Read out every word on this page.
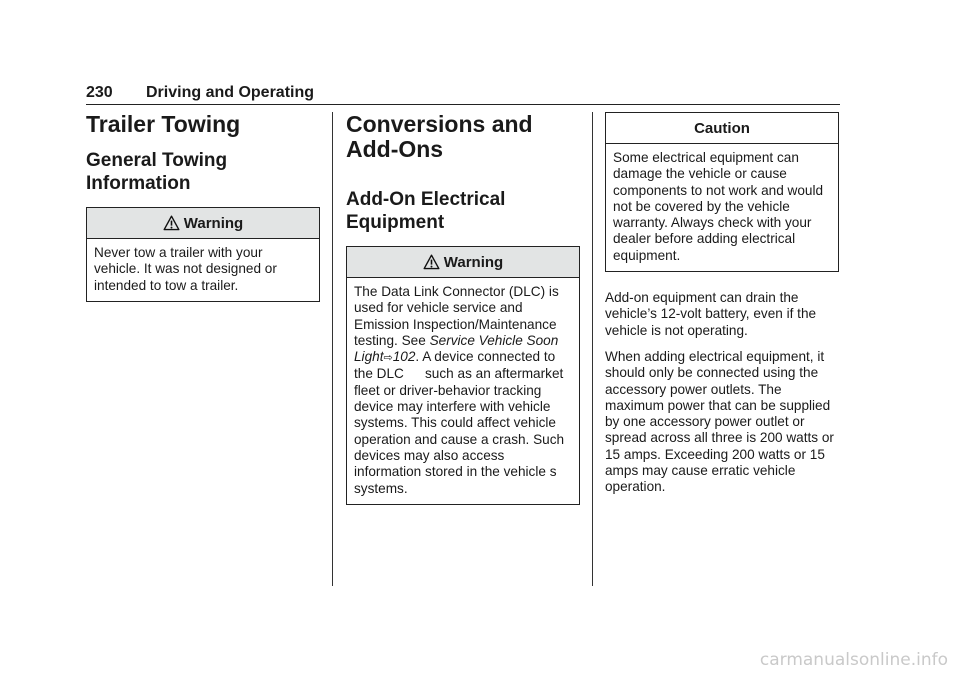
230 Driving and Operating
Trailer Towing
General Towing Information
Warning
Never tow a trailer with your vehicle. It was not designed or intended to tow a trailer.
Conversions and Add-Ons
Add-On Electrical Equipment
Warning
The Data Link Connector (DLC) is used for vehicle service and Emission Inspection/Maintenance testing. See Service Vehicle Soon Light⇨102. A device connected to the DLC   such as an aftermarket fleet or driver-behavior tracking device may interfere with vehicle systems. This could affect vehicle operation and cause a crash. Such devices may also access information stored in the vehicle s systems.
Caution
Some electrical equipment can damage the vehicle or cause components to not work and would not be covered by the vehicle warranty. Always check with your dealer before adding electrical equipment.

Add-on equipment can drain the vehicle’s 12-volt battery, even if the vehicle is not operating.

When adding electrical equipment, it should only be connected using the accessory power outlets. The maximum power that can be supplied by one accessory power outlet or spread across all three is 200 watts or 15 amps. Exceeding 200 watts or 15 amps may cause erratic vehicle operation.

carmanualsonline.info
